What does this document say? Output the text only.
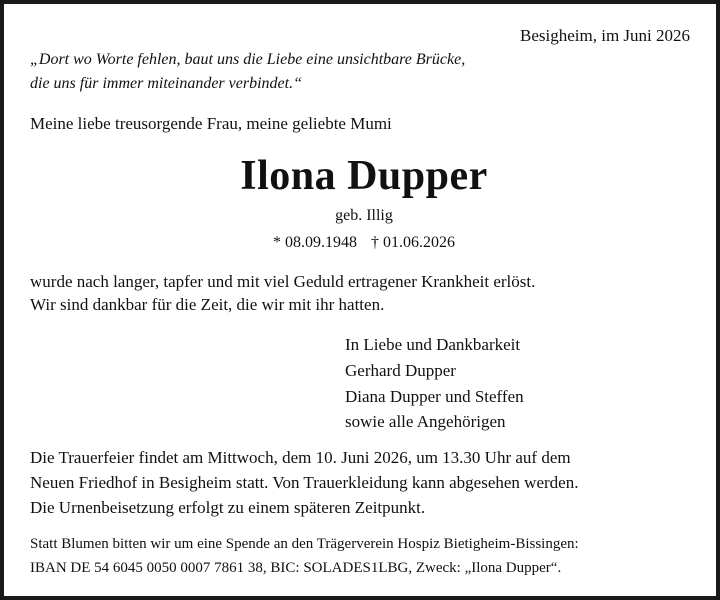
Besigheim, im Juni 2026

„Dort wo Worte fehlen, baut uns die Liebe eine unsichtbare Brücke,

die uns für immer miteinander verbindet.“

Meine liebe treusorgende Frau, meine geliebte Mumi

Ilona Dupper

geb. Illig

* 08.09.1948 † 01.06.2026

wurde nach langer, tapfer und mit viel Geduld ertragener Krankheit erlöst.

Wir sind dankbar für die Zeit, die wir mit ihr hatten.

In Liebe und Dankbarkeit

Gerhard Dupper

Diana Dupper und Steffen

sowie alle Angehörigen

Die Trauerfeier findet am Mittwoch, dem 10. Juni 2026, um 13.30 Uhr auf dem

Neuen Friedhof in Besigheim statt. Von Trauerkleidung kann abgesehen werden.

Die Urnenbeisetzung erfolgt zu einem späteren Zeitpunkt.

Statt Blumen bitten wir um eine Spende an den Trägerverein Hospiz Bietigheim-Bissingen:

IBAN DE 54 6045 0050 0007 7861 38, BIC: SOLADES1LBG, Zweck: „Ilona Dupper“.
